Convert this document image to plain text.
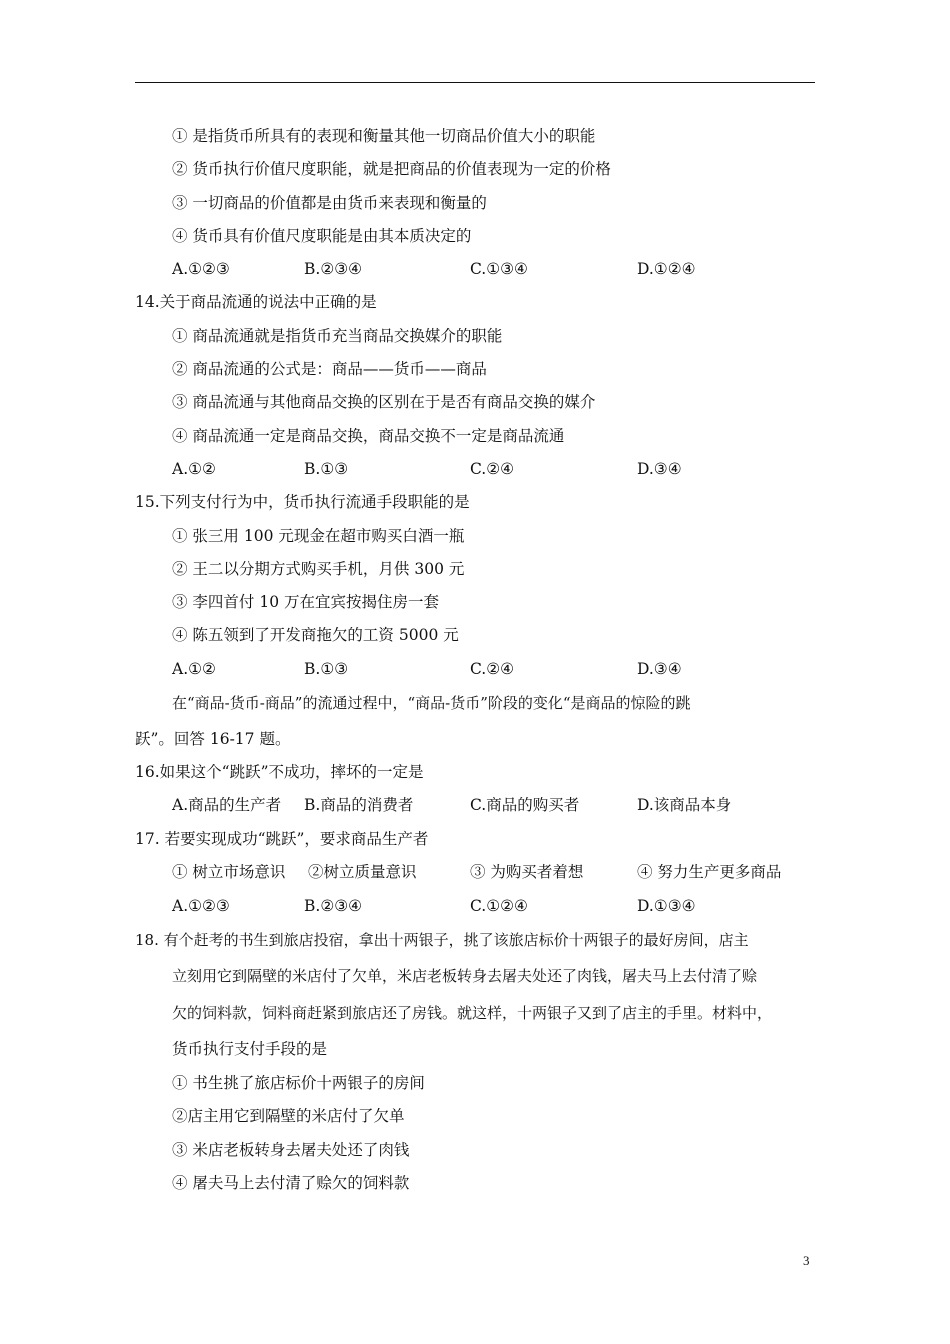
① 是指货币所具有的表现和衡量其他一切商品价值大小的职能
② 货币执行价值尺度职能，就是把商品的价值表现为一定的价格
③ 一切商品的价值都是由货币来表现和衡量的
④ 货币具有价值尺度职能是由其本质决定的
A.①②③	B.②③④	C.①③④	D.①②④
14.关于商品流通的说法中正确的是
① 商品流通就是指货币充当商品交换媒介的职能
② 商品流通的公式是：商品——货币——商品
③ 商品流通与其他商品交换的区别在于是否有商品交换的媒介
④ 商品流通一定是商品交换，商品交换不一定是商品流通
A.①②	B.①③	C.②④	D.③④
15.下列支付行为中，货币执行流通手段职能的是
① 张三用 100 元现金在超市购买白酒一瓶
② 王二以分期方式购买手机，月供 300 元
③ 李四首付 10 万在宜宾按揭住房一套
④ 陈五领到了开发商拖欠的工资 5000 元
A.①②	B.①③	C.②④	D.③④
在“商品-货币-商品”的流通过程中，“商品-货币”阶段的变化“是商品的惊险的跳
跃”。回答 16-17 题。
16.如果这个“跳跃”不成功，摔坏的一定是
A.商品的生产者 B.商品的消费者	C.商品的购买者	D.该商品本身
17. 若要实现成功“跳跃”，要求商品生产者
① 树立市场意识 ②树立质量意识	③ 为购买者着想	④ 努力生产更多商品
A.①②③	B.②③④	C.①②④	D.①③④
18. 有个赶考的书生到旅店投宿，拿出十两银子，挑了该旅店标价十两银子的最好房间，店主
立刻用它到隔壁的米店付了欠单，米店老板转身去屠夫处还了肉钱，屠夫马上去付清了赊
欠的饲料款，饲料商赶紧到旅店还了房钱。就这样，十两银子又到了店主的手里。材料中，
货币执行支付手段的是
① 书生挑了旅店标价十两银子的房间
②店主用它到隔壁的米店付了欠单
③ 米店老板转身去屠夫处还了肉钱
④ 屠夫马上去付清了赊欠的饲料款
3
